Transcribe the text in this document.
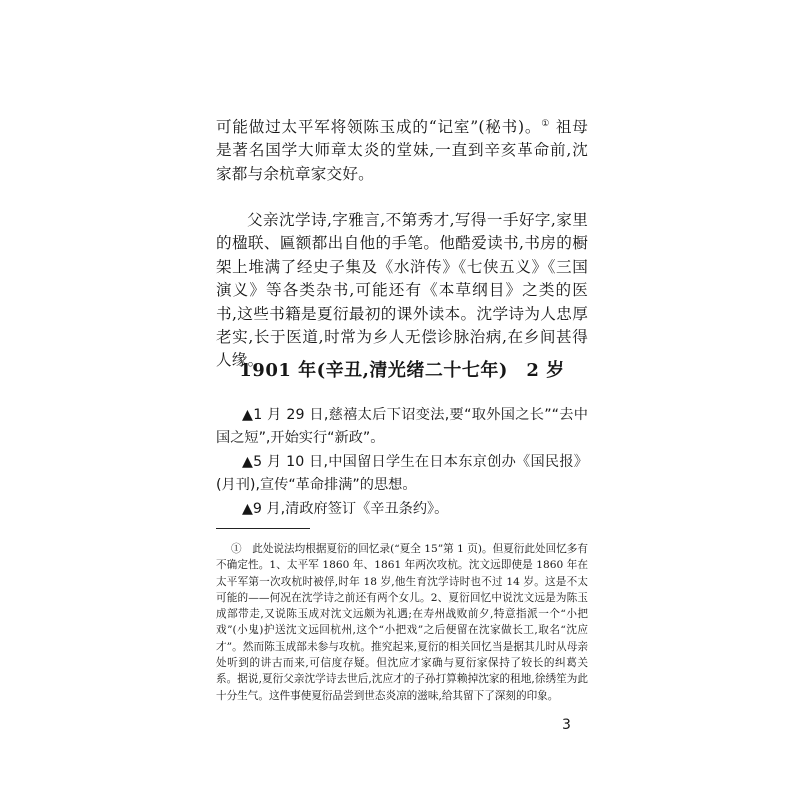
可能做过太平军将领陈玉成的“记室”(秘书)。① 祖母是著名国学大师章太炎的堂妹,一直到辛亥革命前,沈家都与余杭章家交好。

父亲沈学诗,字雅言,不第秀才,写得一手好字,家里的楹联、匾额都出自他的手笔。他酷爱读书,书房的橱架上堆满了经史子集及《水浒传》《七侠五义》《三国演义》等各类杂书,可能还有《本草纲目》之类的医书,这些书籍是夏衍最初的课外读本。沈学诗为人忠厚老实,长于医道,时常为乡人无偿诊脉治病,在乡间甚得人缘。

1901 年(辛丑,清光绪二十七年)　2 岁

▲1 月 29 日,慈禧太后下诏变法,要“取外国之长”“去中国之短”,开始实行“新政”。

▲5 月 10 日,中国留日学生在日本东京创办《国民报》(月刊),宣传“革命排满”的思想。

▲9 月,清政府签订《辛丑条约》。

①　此处说法均根据夏衍的回忆录(“夏全 15”第 1 页)。但夏衍此处回忆多有不确定性。1、太平军 1860 年、1861 年两次攻杭。沈文远即使是 1860 年在太平军第一次攻杭时被俘,时年 18 岁,他生育沈学诗时也不过 14 岁。这是不太可能的——何况在沈学诗之前还有两个女儿。2、夏衍回忆中说沈文远是为陈玉成部带走,又说陈玉成对沈文远颇为礼遇;在寿州战败前夕,特意指派一个“小把戏”(小鬼)护送沈文远回杭州,这个“小把戏”之后便留在沈家做长工,取名“沈应才”。然而陈玉成部未参与攻杭。推究起来,夏衍的相关回忆当是据其儿时从母亲处听到的讲古而来,可信度存疑。但沈应才家确与夏衍家保持了较长的纠葛关系。据说,夏衍父亲沈学诗去世后,沈应才的子孙打算赖掉沈家的租地,徐绣笙为此十分生气。这件事使夏衍品尝到世态炎凉的滋味,给其留下了深刻的印象。

3
